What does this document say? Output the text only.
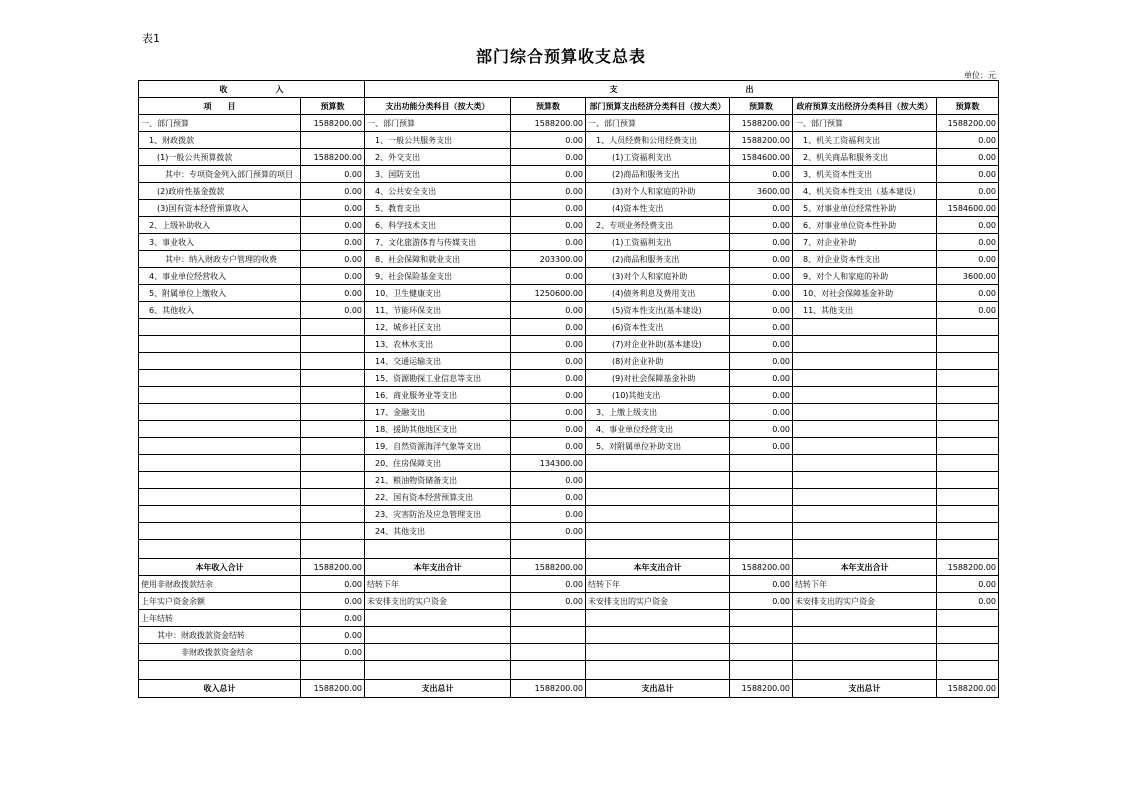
表1
部门综合预算收支总表
单位：元
收　　　　　　入		支　　　　　　　　　　　　　　　　出					
项　　目	预算数	支出功能分类科目（按大类）	预算数	部门预算支出经济分类科目（按大类）	预算数	政府预算支出经济分类科目（按大类）	预算数
一、部门预算	1588200.00	一、部门预算	1588200.00	一、部门预算	1588200.00	一、部门预算	1588200.00
　1、财政拨款		　1、一般公共服务支出	0.00	　1、人员经费和公用经费支出	1588200.00	　1、机关工资福利支出	0.00
　　(1)一般公共预算拨款	1588200.00	　2、外交支出	0.00	　　　(1)工资福利支出	1584600.00	　2、机关商品和服务支出	0.00
　　　其中：专项资金列入部门预算的项目	0.00	　3、国防支出	0.00	　　　(2)商品和服务支出	0.00	　3、机关资本性支出	0.00
　　(2)政府性基金拨款	0.00	　4、公共安全支出	0.00	　　　(3)对个人和家庭的补助	3600.00	　4、机关资本性支出（基本建设）	0.00
　　(3)国有资本经营预算收入	0.00	　5、教育支出	0.00	　　　(4)资本性支出	0.00	　5、对事业单位经常性补助	1584600.00
　2、上级补助收入	0.00	　6、科学技术支出	0.00	　2、专项业务经费支出	0.00	　6、对事业单位资本性补助	0.00
　3、事业收入	0.00	　7、文化旅游体育与传媒支出	0.00	　　　(1)工资福利支出	0.00	　7、对企业补助	0.00
　　　其中：纳入财政专户管理的收费	0.00	　8、社会保障和就业支出	203300.00	　　　(2)商品和服务支出	0.00	　8、对企业资本性支出	0.00
　4、事业单位经营收入	0.00	　9、社会保险基金支出	0.00	　　　(3)对个人和家庭补助	0.00	　9、对个人和家庭的补助	3600.00
　5、附属单位上缴收入	0.00	　10、卫生健康支出	1250600.00	　　　(4)债务利息及费用支出	0.00	　10、对社会保障基金补助	0.00
　6、其他收入	0.00	　11、节能环保支出	0.00	　　　(5)资本性支出(基本建设)	0.00	　11、其他支出	0.00
		　12、城乡社区支出	0.00	　　　(6)资本性支出	0.00		
		　13、农林水支出	0.00	　　　(7)对企业补助(基本建设)	0.00		
		　14、交通运输支出	0.00	　　　(8)对企业补助	0.00		
		　15、资源勘探工业信息等支出	0.00	　　　(9)对社会保障基金补助	0.00		
		　16、商业服务业等支出	0.00	　　　(10)其他支出	0.00		
		　17、金融支出	0.00	　3、上缴上级支出	0.00		
		　18、援助其他地区支出	0.00	　4、事业单位经营支出	0.00		
		　19、自然资源海洋气象等支出	0.00	　5、对附属单位补助支出	0.00		
		　20、住房保障支出	134300.00				
		　21、粮油物资储备支出	0.00				
		　22、国有资本经营预算支出	0.00				
		　23、灾害防治及应急管理支出	0.00				
		　24、其他支出	0.00				

本年收入合计	1588200.00	本年支出合计	1588200.00	本年支出合计	1588200.00	本年支出合计	1588200.00
使用非财政拨款结余	0.00	结转下年	0.00	结转下年	0.00	结转下年	0.00
上年实户资金余额	0.00	未安排支出的实户资金	0.00	未安排支出的实户资金	0.00	未安排支出的实户资金	0.00
上年结转	0.00						
　　其中：财政拨款资金结转	0.00						
　　　　　非财政拨款资金结余	0.00						

收入总计	1588200.00	支出总计	1588200.00	支出总计	1588200.00	支出总计	1588200.00
